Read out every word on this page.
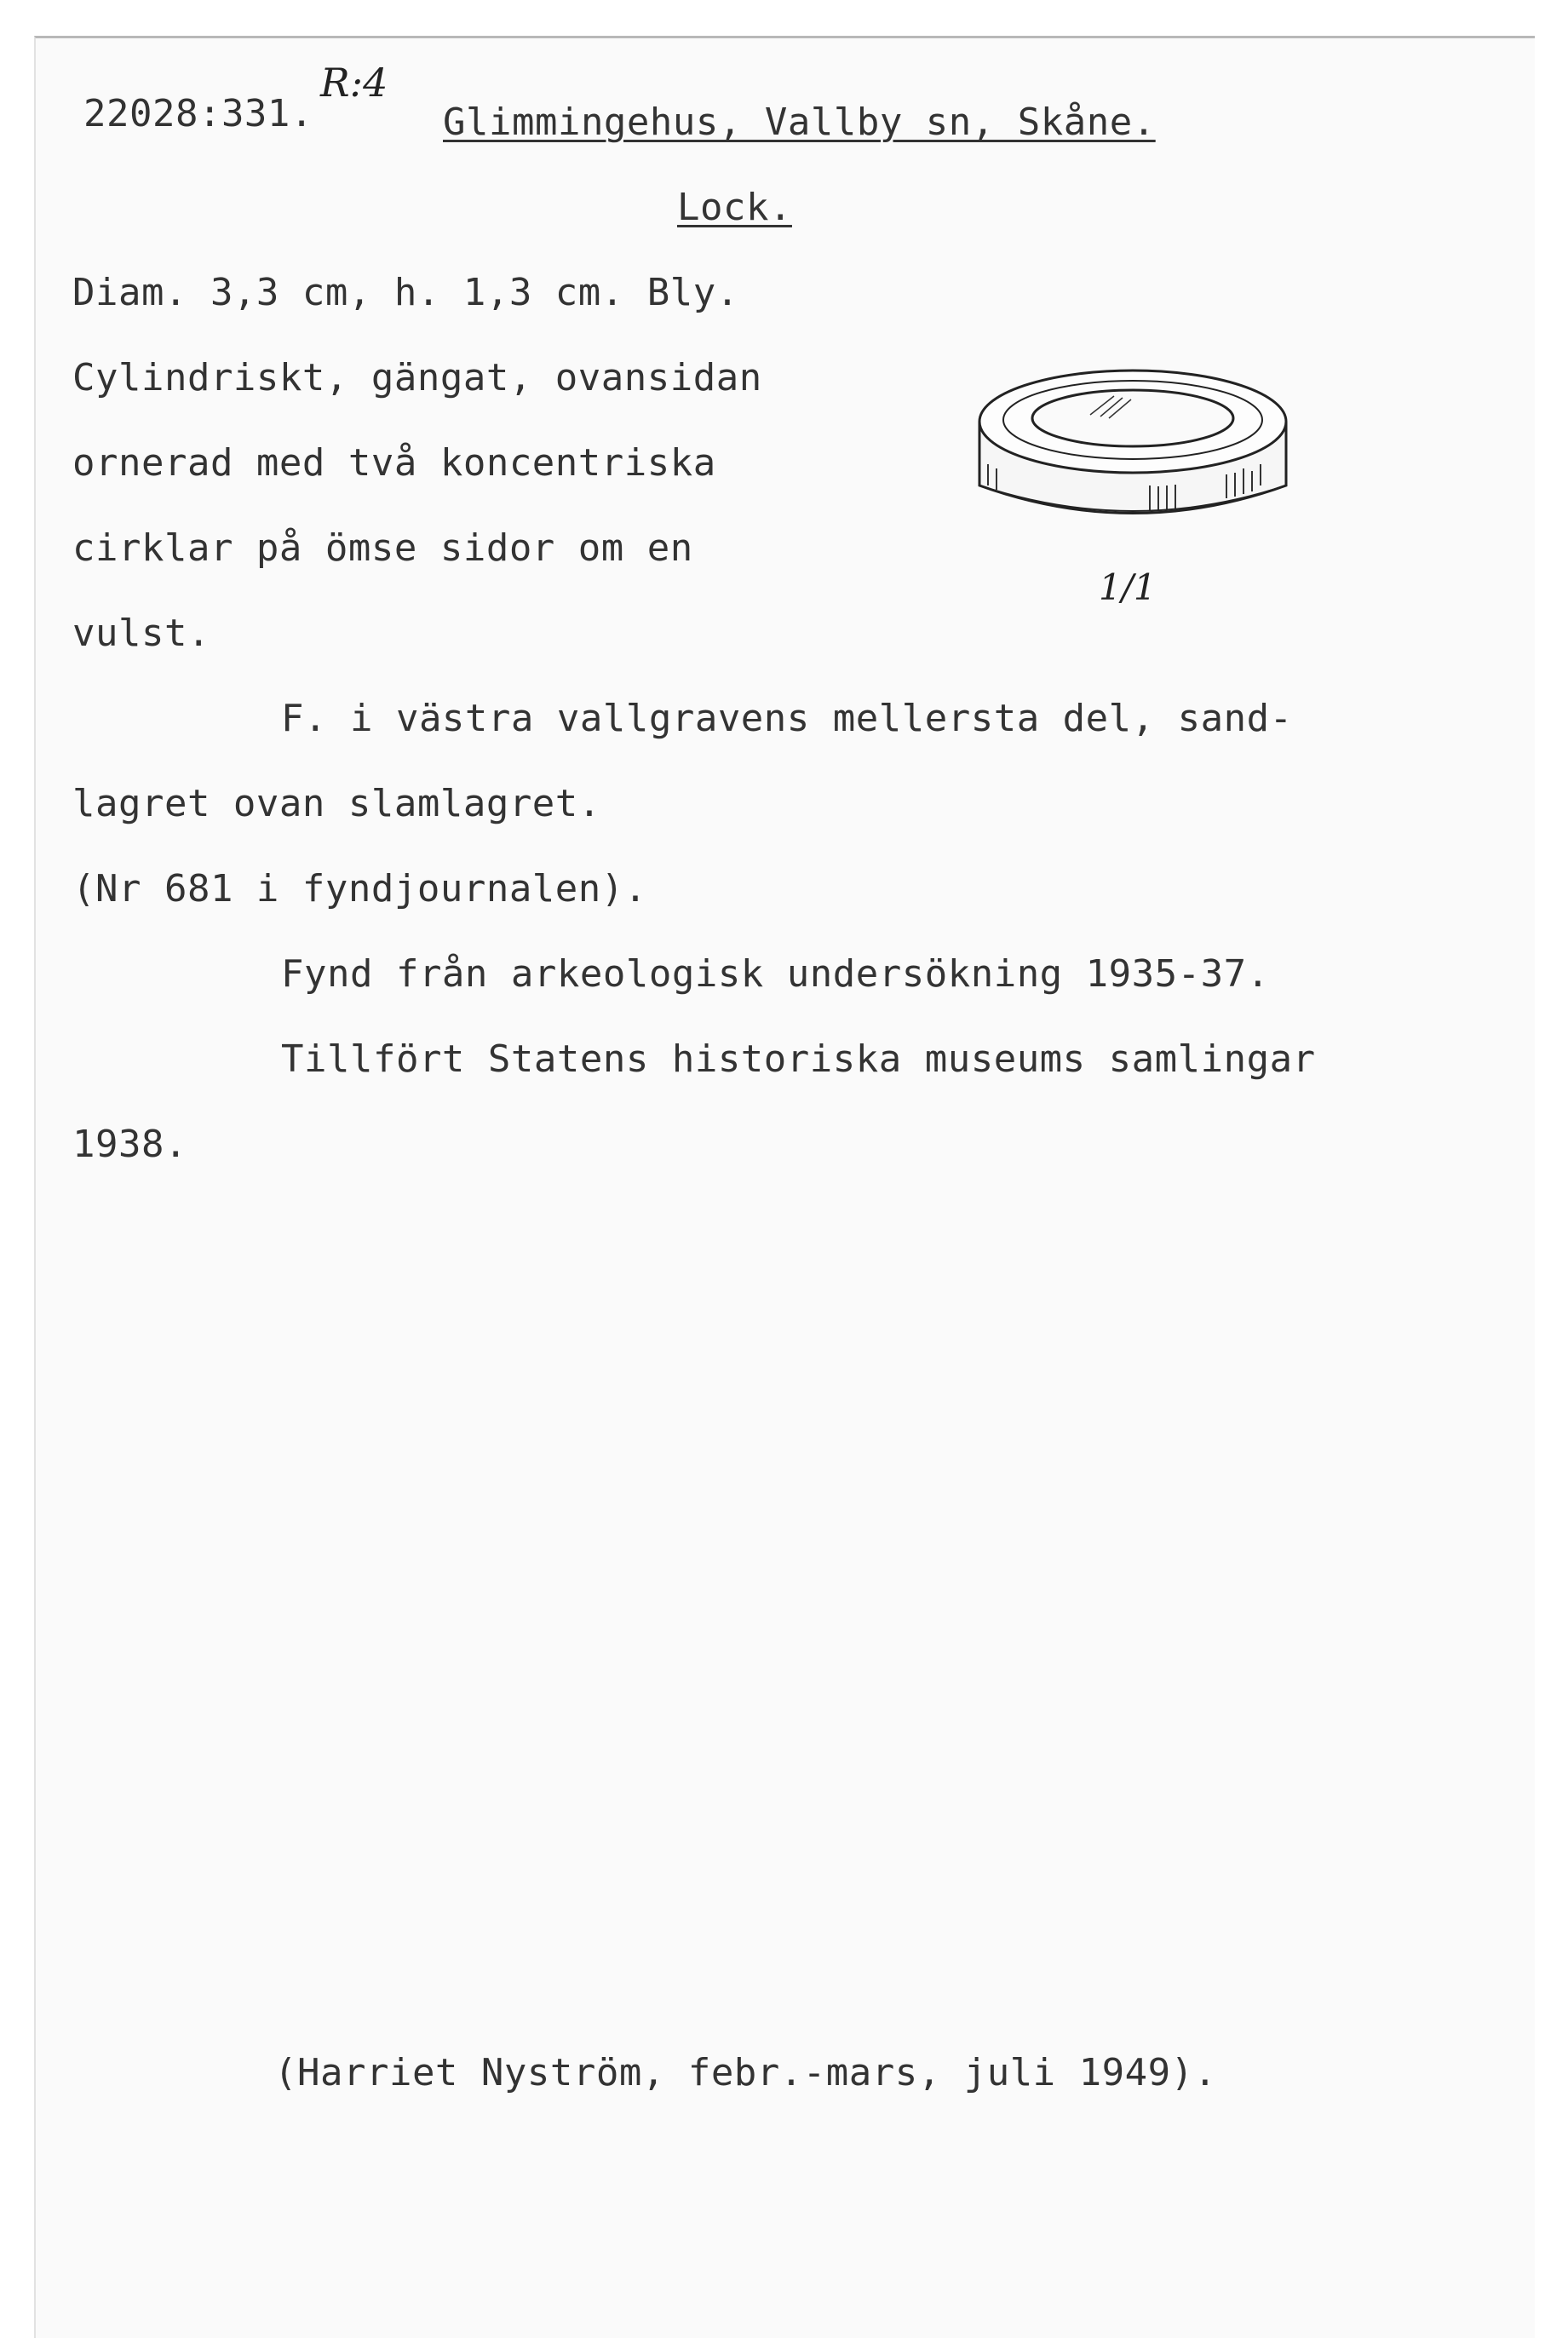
22028:331.
R:4
Glimmingehus, Vallby sn, Skåne.
Lock.
Diam. 3,3 cm, h. 1,3 cm. Bly.
Cylindriskt, gängat, ovansidan
ornerad med två koncentriska
cirklar på ömse sidor om en
vulst.
1/1
F. i västra vallgravens mellersta del, sand-
lagret ovan slamlagret.
(Nr 681 i fyndjournalen).
Fynd från arkeologisk undersökning 1935-37.
Tillfört Statens historiska museums samlingar
1938.
(Harriet Nyström, febr.-mars, juli 1949).
